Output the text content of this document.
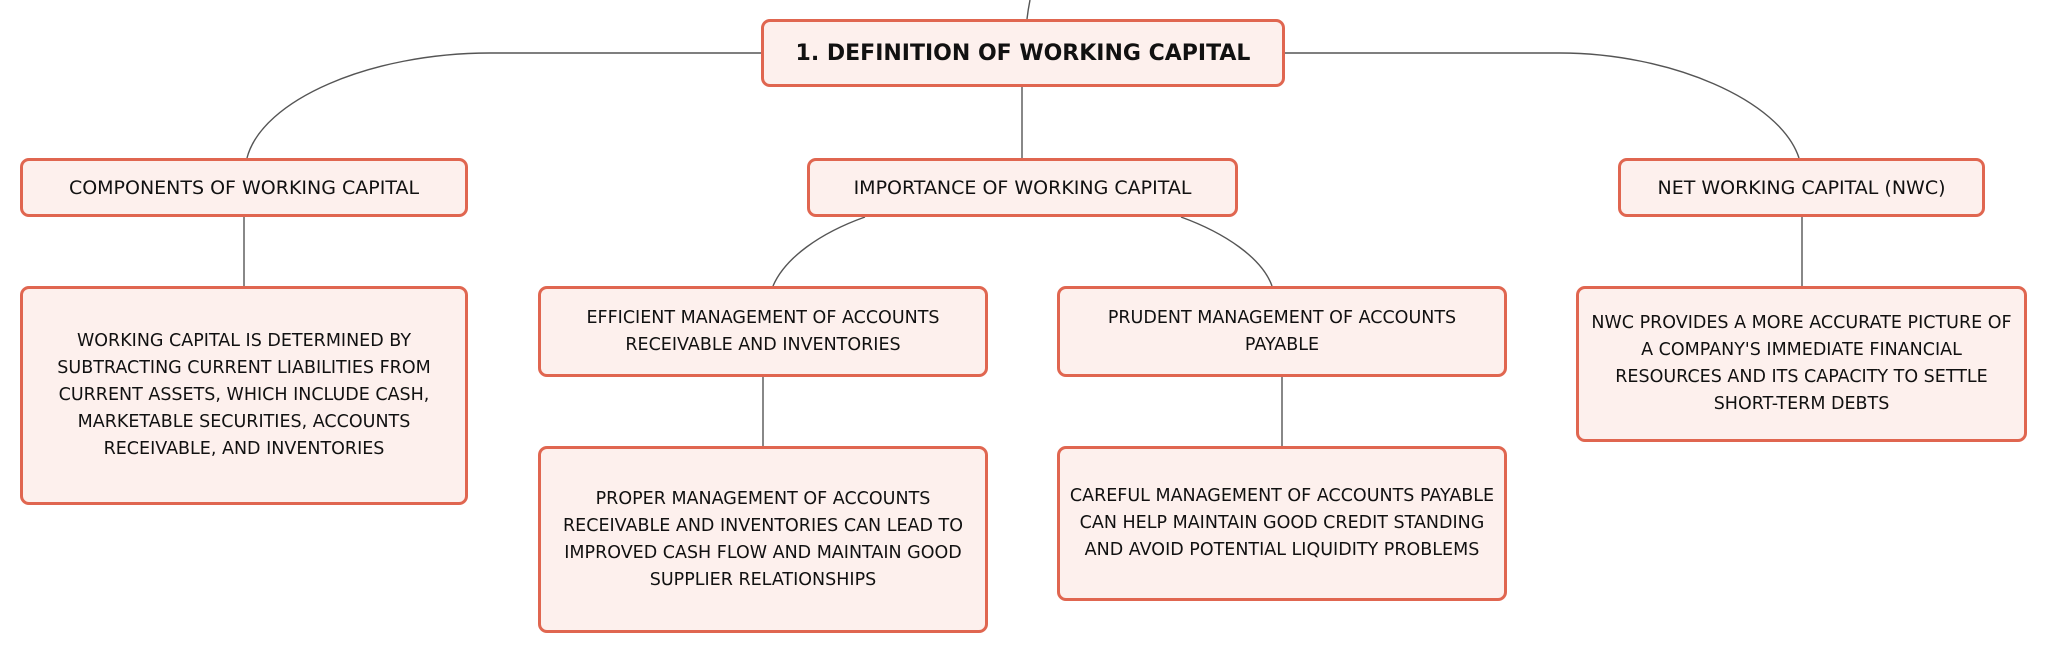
1. DEFINITION OF WORKING CAPITAL
COMPONENTS OF WORKING CAPITAL	IMPORTANCE OF WORKING CAPITAL	NET WORKING CAPITAL (NWC)
WORKING CAPITAL IS DETERMINED BY SUBTRACTING CURRENT LIABILITIES FROM CURRENT ASSETS, WHICH INCLUDE CASH, MARKETABLE SECURITIES, ACCOUNTS RECEIVABLE, AND INVENTORIES
EFFICIENT MANAGEMENT OF ACCOUNTS RECEIVABLE AND INVENTORIES
PRUDENT MANAGEMENT OF ACCOUNTS PAYABLE
NWC PROVIDES A MORE ACCURATE PICTURE OF A COMPANY'S IMMEDIATE FINANCIAL RESOURCES AND ITS CAPACITY TO SETTLE SHORT-TERM DEBTS
PROPER MANAGEMENT OF ACCOUNTS RECEIVABLE AND INVENTORIES CAN LEAD TO IMPROVED CASH FLOW AND MAINTAIN GOOD SUPPLIER RELATIONSHIPS
CAREFUL MANAGEMENT OF ACCOUNTS PAYABLE CAN HELP MAINTAIN GOOD CREDIT STANDING AND AVOID POTENTIAL LIQUIDITY PROBLEMS
